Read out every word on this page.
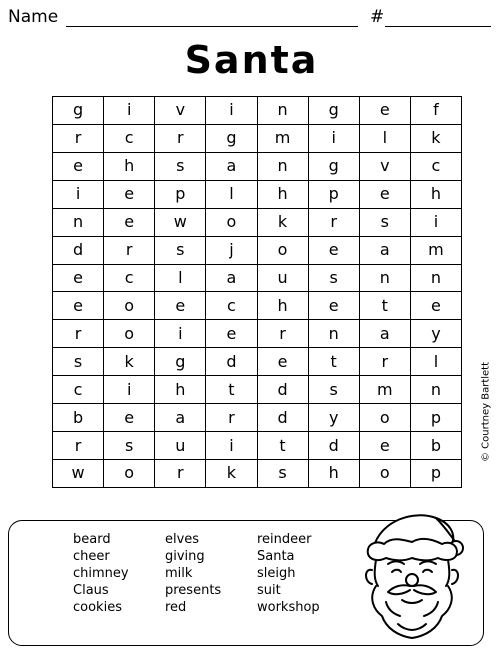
Name	#
Santa
g	i	v	i	n	g	e	f
r	c	r	g	m	i	l	k
e	h	s	a	n	g	v	c
i	e	p	l	h	p	e	h
n	e	w	o	k	r	s	i
d	r	s	j	o	e	a	m
e	c	l	a	u	s	n	n
e	o	e	c	h	e	t	e
r	o	i	e	r	n	a	y
s	k	g	d	e	t	r	l
c	i	h	t	d	s	m	n
b	e	a	r	d	y	o	p
r	s	u	i	t	d	e	b
w	o	r	k	s	h	o	p
© Courtney Bartlett
beard
cheer
chimney
Claus
cookies
elves
giving
milk
presents
red
reindeer
Santa
sleigh
suit
workshop
